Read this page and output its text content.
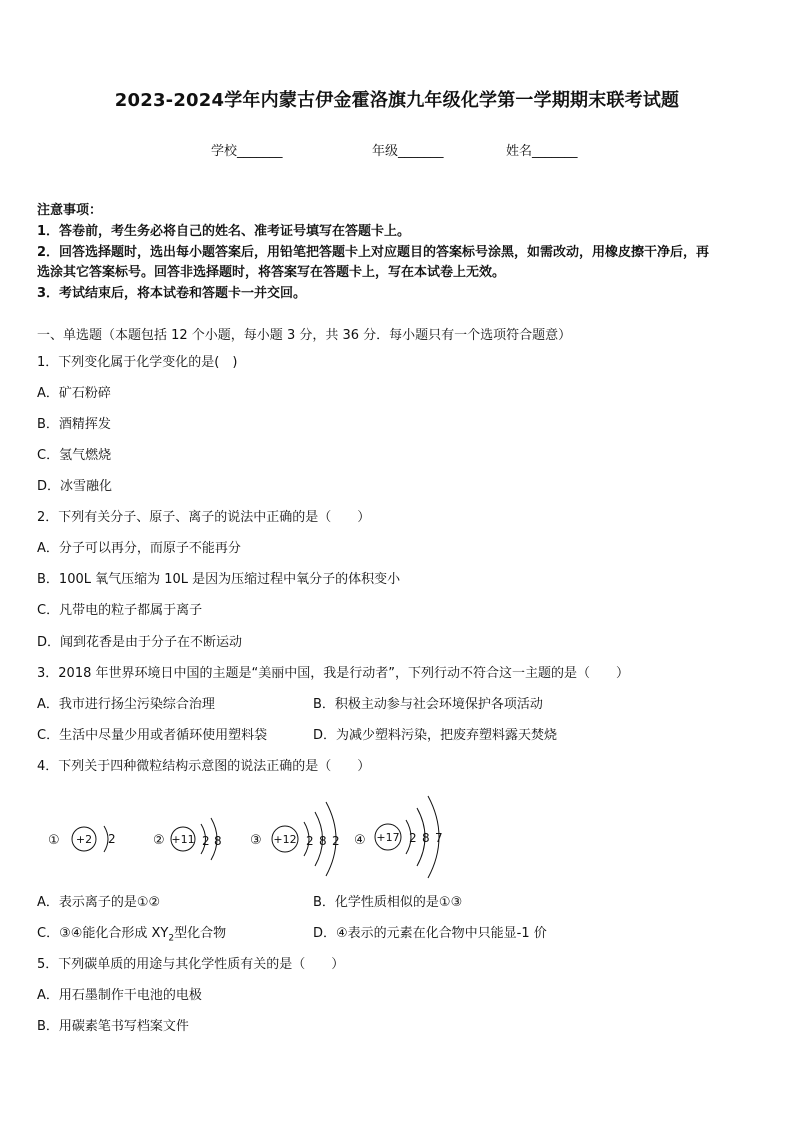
2023-2024学年内蒙古伊金霍洛旗九年级化学第一学期期末联考试题
学校_______	年级_______	姓名_______
注意事项：
1．答卷前，考生务必将自己的姓名、准考证号填写在答题卡上。
2．回答选择题时，选出每小题答案后，用铅笔把答题卡上对应题目的答案标号涂黑，如需改动，用橡皮擦干净后，再
选涂其它答案标号。回答非选择题时，将答案写在答题卡上，写在本试卷上无效。
3．考试结束后，将本试卷和答题卡一并交回。
一、单选题（本题包括 12 个小题，每小题 3 分，共 36 分．每小题只有一个选项符合题意）
1．下列变化属于化学变化的是(　)
A．矿石粉碎
B．酒精挥发
C．氢气燃烧
D．冰雪融化
2．下列有关分子、原子、离子的说法中正确的是（　　）
A．分子可以再分，而原子不能再分
B．100L 氧气压缩为 10L 是因为压缩过程中氧分子的体积变小
C．凡带电的粒子都属于离子
D．闻到花香是由于分子在不断运动
3．2018 年世界环境日中国的主题是“美丽中国，我是行动者”，下列行动不符合这一主题的是（　　）
A．我市进行扬尘污染综合治理	B．积极主动参与社会环境保护各项活动
C．生活中尽量少用或者循环使用塑料袋	D．为减少塑料污染，把废弃塑料露天焚烧
4．下列关于四种微粒结构示意图的说法正确的是（　　）
① +2 2	② +11 2 8 ③ +12 2 8 2 ④ +17 2 8 7
A．表示离子的是①②	B．化学性质相似的是①③
C．③④能化合形成 $XY_2$型化合物	D．④表示的元素在化合物中只能显-1 价
5．下列碳单质的用途与其化学性质有关的是（　　）
A．用石墨制作干电池的电极
B．用碳素笔书写档案文件
